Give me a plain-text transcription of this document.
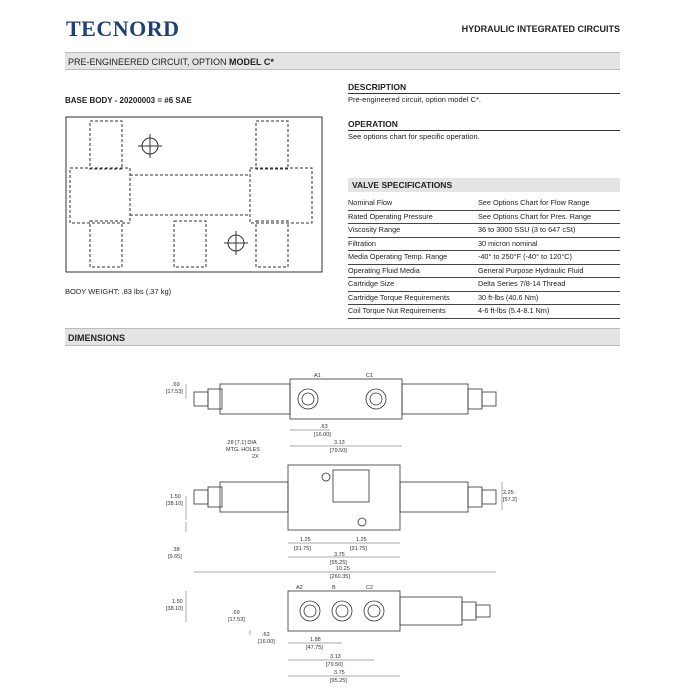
TECNORD	HYDRAULIC INTEGRATED CIRCUITS
PRE-ENGINEERED CIRCUIT, OPTION MODEL C*
BASE BODY - 20200003 = #6 SAE
BODY WEIGHT: .83 lbs (.37 kg)
DESCRIPTION
Pre-engineered circuit, option model C*.
OPERATION
See options chart for specific operation.
VALVE SPECIFICATIONS
Nominal Flow	See Options Chart for Flow Range
Rated Operating Pressure	See Options Chart for Pres. Range
Viscosity Range	36 to 3000 SSU (3 to 647 cSt)
Filtration	30 micron nominal
Media Operating Temp. Range	-40° to 250°F (-40° to 120°C)
Operating Fluid Media	General Purpose Hydraulic Fluid
Cartridge Size	Delta Series 7/8-14 Thread
Cartridge Torque Requirements	30 ft-lbs (40.6 Nm)
Coil Torque Nut Requirements	4-6 ft-lbs (5.4-8.1 Nm)
DIMENSIONS
A1	C1
.69
[17.53]
.63
[16.00]
3.13
[79.50]
.28 [7.1] DIA
MTG. HOLES
2X
1.50
[38.10]
.38
[9.65]
2.25
[57.2]
1.25
[31.75]
1.25
[31.75]
3.75
[95.25]
10.25
[260.35]
A2	B	C2
1.50
[38.10]
.69
[17.53]
.63
[16.00]	1.88
[47.75]
3.13
[79.50]
3.75
[95.25]
